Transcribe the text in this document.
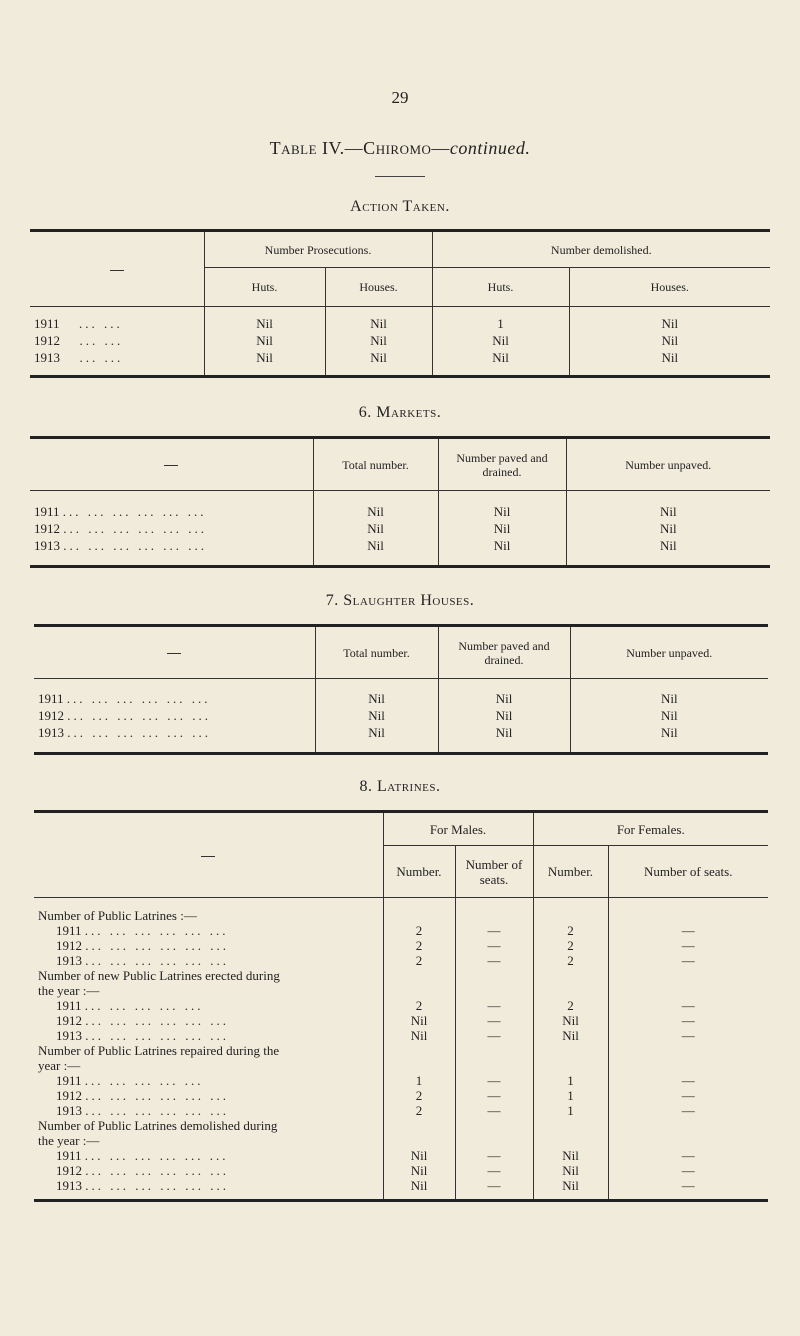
29
Table IV.—Chiromo—continued.
Action Taken.
	Number Prosecutions.		Number demolished.	
	Huts.	Houses.	Huts.	Houses.

1911 ... ...	Nil	Nil	1	Nil
1912 ... ...	Nil	Nil	Nil	Nil
1913 ... ...	Nil	Nil	Nil	Nil

6. Markets.
	Total number.	Number paved and drained.	Number unpaved.

1911 ... ... ... ... ... ...	Nil	Nil	Nil
1912 ... ... ... ... ... ...	Nil	Nil	Nil
1913 ... ... ... ... ... ...	Nil	Nil	Nil

7. Slaughter Houses.
	Total number.	Number paved and drained.	Number unpaved.

1911 ... ... ... ... ... ...	Nil	Nil	Nil
1912 ... ... ... ... ... ...	Nil	Nil	Nil
1913 ... ... ... ... ... ...	Nil	Nil	Nil

8. Latrines.
	For Males.		For Females.	
	Number.	Number of seats.	Number.	Number of seats.

Number of Public Latrines :—				
1911 ... ... ... ... ... ...	2	—	2	—
1912 ... ... ... ... ... ...	2	—	2	—
1913 ... ... ... ... ... ...	2	—	2	—
Number of new Public Latrines erected during				
the year :—				
1911 ... ... ... ... ...	2	—	2	—
1912 ... ... ... ... ... ...	Nil	—	Nil	—
1913 ... ... ... ... ... ...	Nil	—	Nil	—
Number of Public Latrines repaired during the				
year :—				
1911 ... ... ... ... ...	1	—	1	—
1912 ... ... ... ... ... ...	2	—	1	—
1913 ... ... ... ... ... ...	2	—	1	—
Number of Public Latrines demolished during				
the year :—				
1911 ... ... ... ... ... ...	Nil	—	Nil	—
1912 ... ... ... ... ... ...	Nil	—	Nil	—
1913 ... ... ... ... ... ...	Nil	—	Nil	—
